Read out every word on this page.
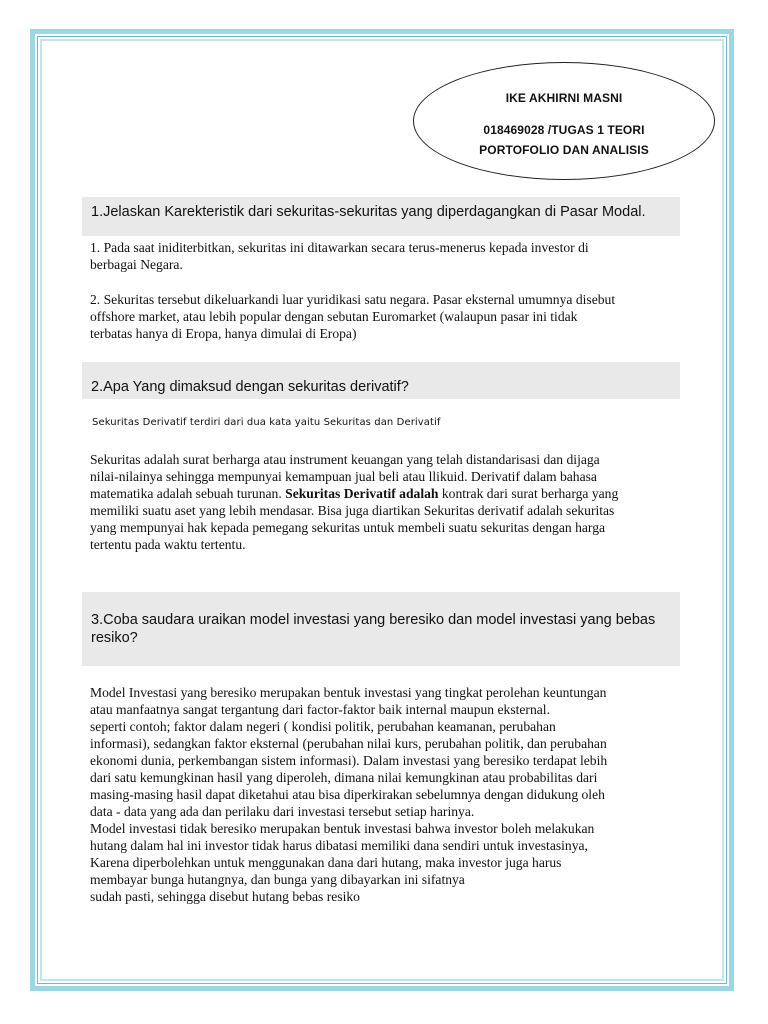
IKE AKHIRNI MASNI
018469028 /TUGAS 1 TEORI
PORTOFOLIO DAN ANALISIS
1.Jelaskan Karekteristik dari sekuritas-sekuritas yang diperdagangkan di Pasar Modal.

1. Pada saat iniditerbitkan, sekuritas ini ditawarkan secara terus-menerus kepada investor di

berbagai Negara.

2. Sekuritas tersebut dikeluarkandi luar yuridikasi satu negara. Pasar eksternal umumnya disebut

offshore market, atau lebih popular dengan sebutan Euromarket (walaupun pasar ini tidak

terbatas hanya di Eropa, hanya dimulai di Eropa)

2.Apa Yang dimaksud dengan sekuritas derivatif?
Sekuritas Derivatif terdiri dari dua kata yaitu Sekuritas dan Derivatif

Sekuritas adalah surat berharga atau instrument keuangan yang telah distandarisasi dan dijaga

nilai-nilainya sehingga mempunyai kemampuan jual beli atau llikuid. Derivatif dalam bahasa

matematika adalah sebuah turunan. Sekuritas Derivatif adalah kontrak dari surat berharga yang

memiliki suatu aset yang lebih mendasar. Bisa juga diartikan Sekuritas derivatif adalah sekuritas

yang mempunyai hak kepada pemegang sekuritas untuk membeli suatu sekuritas dengan harga

tertentu pada waktu tertentu.

3.Coba saudara uraikan model investasi yang beresiko dan model investasi yang bebas
resiko?

Model Investasi yang beresiko merupakan bentuk investasi yang tingkat perolehan keuntungan

atau manfaatnya sangat tergantung dari factor-faktor baik internal maupun eksternal.

seperti contoh; faktor dalam negeri ( kondisi politik, perubahan keamanan, perubahan

informasi), sedangkan faktor eksternal (perubahan nilai kurs, perubahan politik, dan perubahan

ekonomi dunia, perkembangan sistem informasi). Dalam investasi yang beresiko terdapat lebih

dari satu kemungkinan hasil yang diperoleh, dimana nilai kemungkinan atau probabilitas dari

masing-masing hasil dapat diketahui atau bisa diperkirakan sebelumnya dengan didukung oleh

data - data yang ada dan perilaku dari investasi tersebut setiap harinya.

Model investasi tidak beresiko merupakan bentuk investasi bahwa investor boleh melakukan

hutang dalam hal ini investor tidak harus dibatasi memiliki dana sendiri untuk investasinya,

Karena diperbolehkan untuk menggunakan dana dari hutang, maka investor juga harus

membayar bunga hutangnya, dan bunga yang dibayarkan ini sifatnya

sudah pasti, sehingga disebut hutang bebas resiko
